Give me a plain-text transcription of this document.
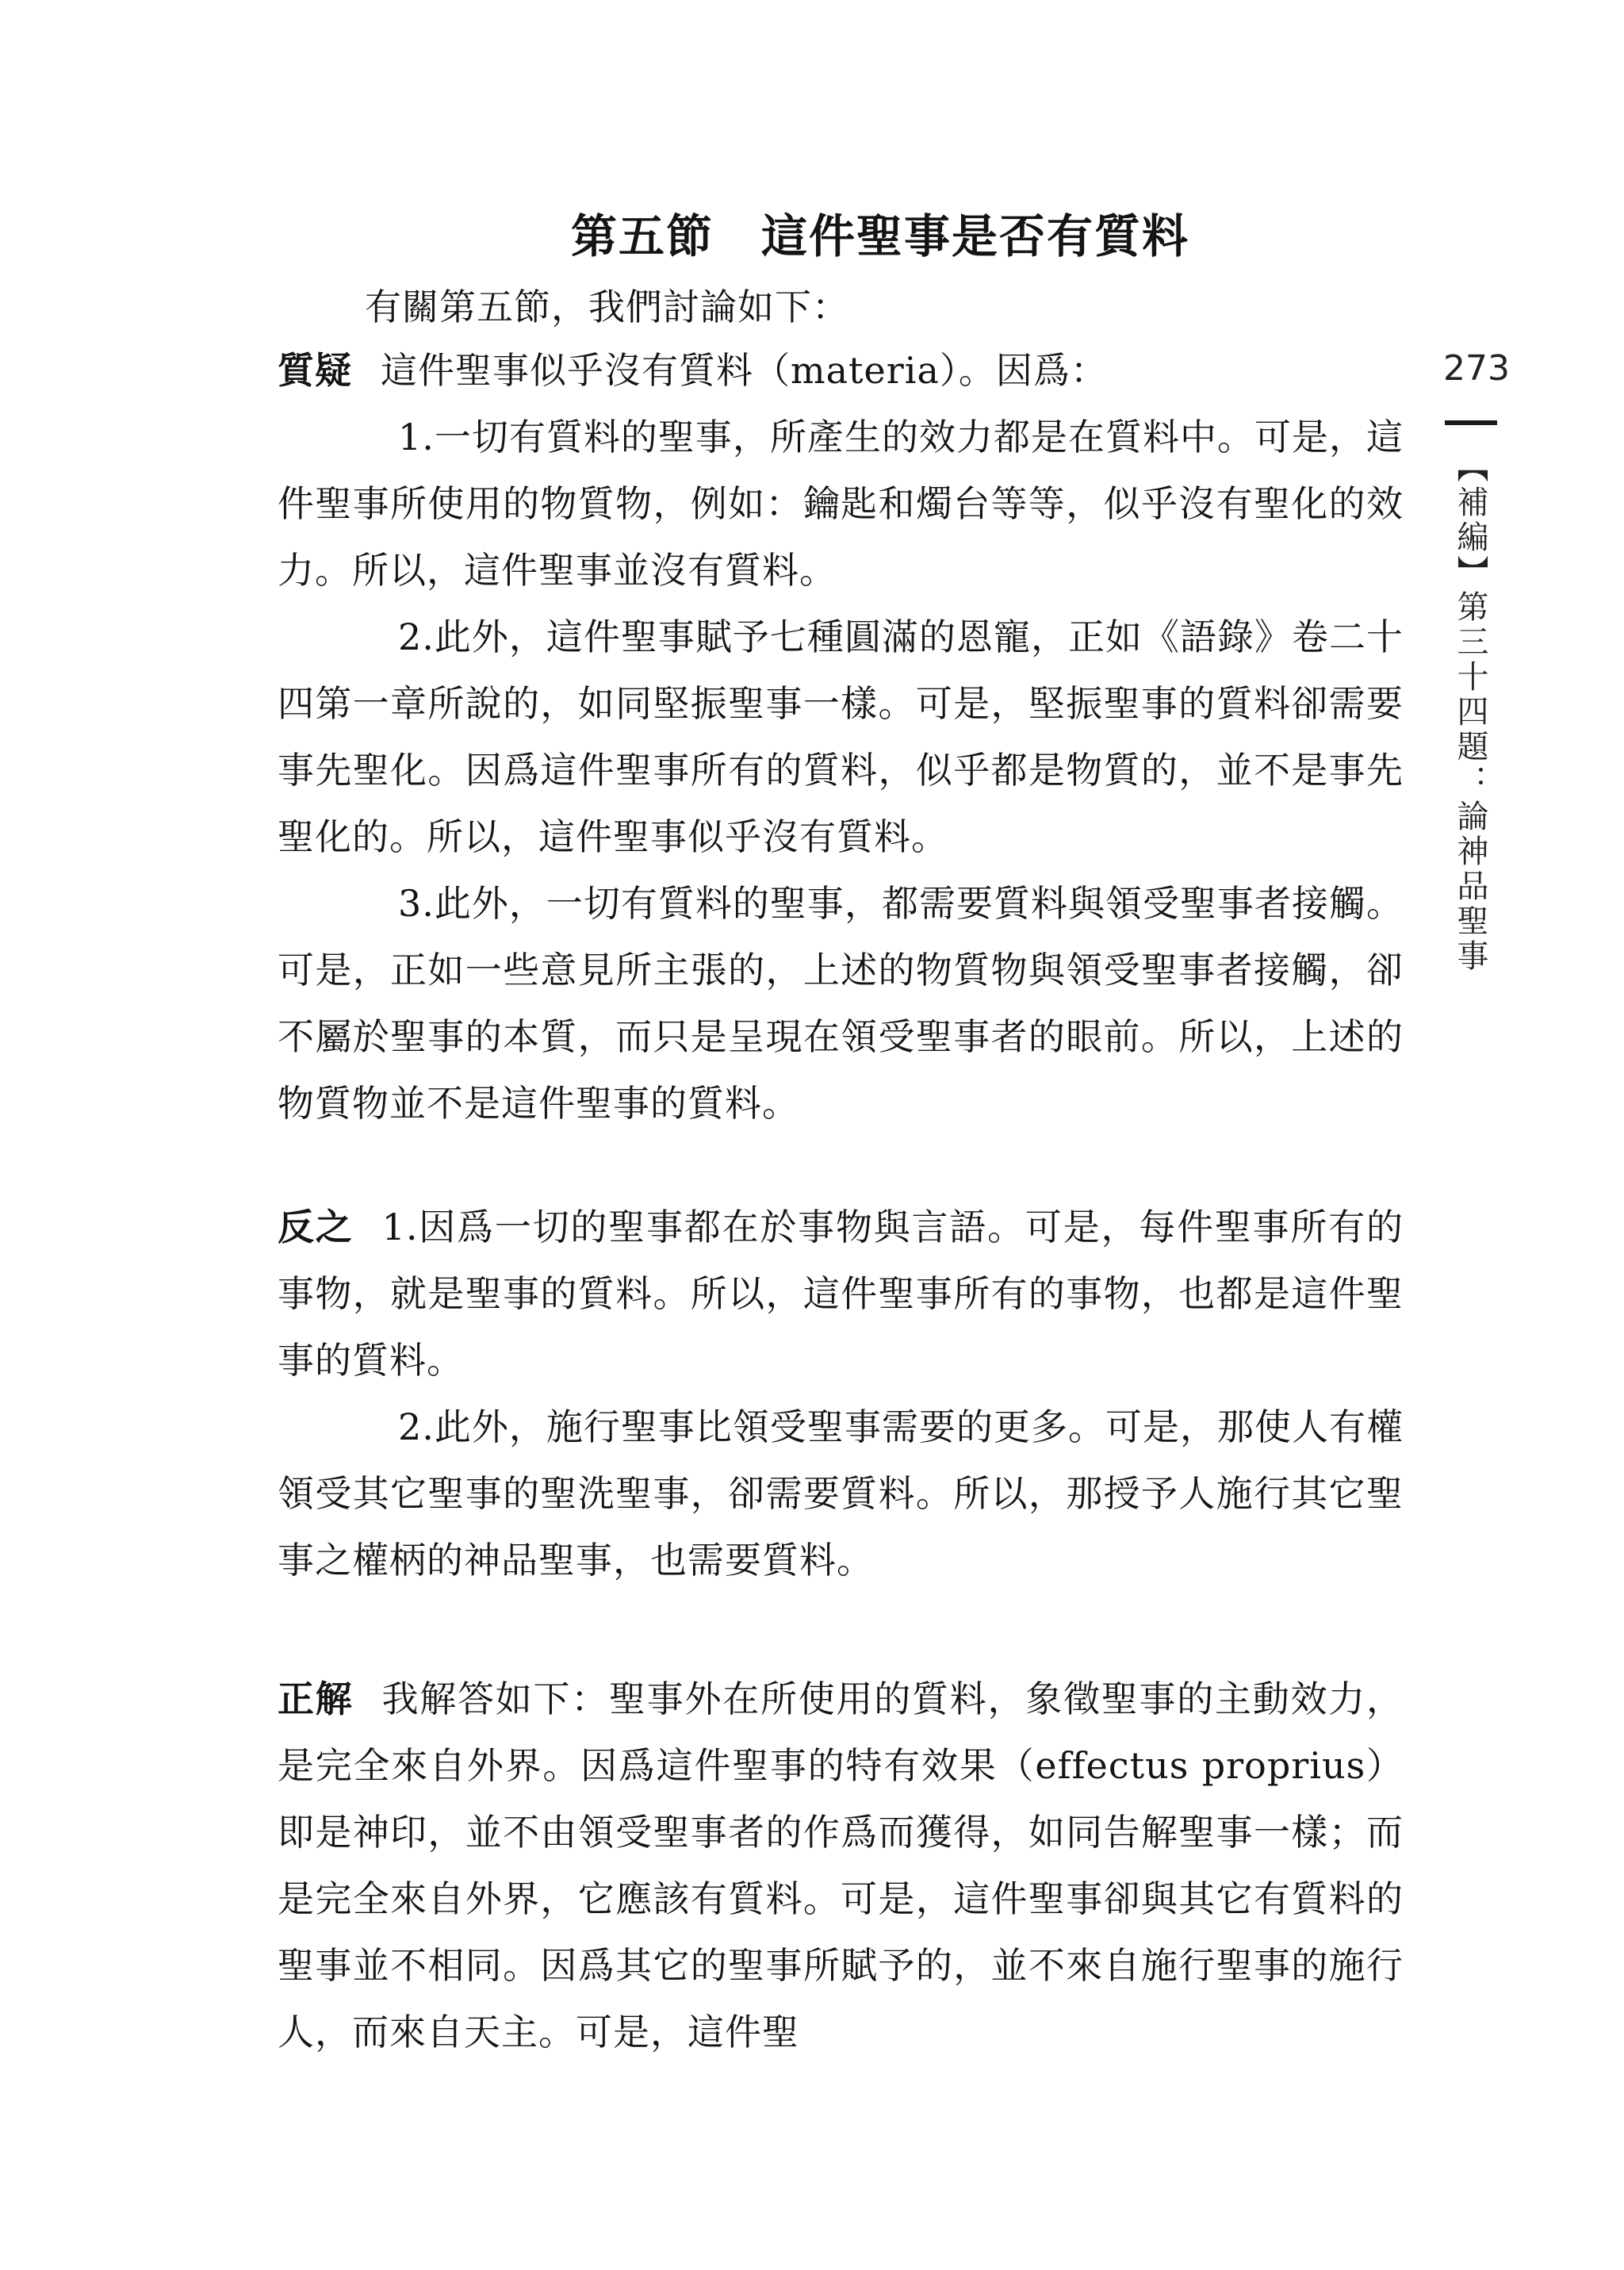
第五節　這件聖事是否有質料

有關第五節，我們討論如下：

質疑 這件聖事似乎沒有質料（materia）。因爲：

1.一切有質料的聖事，所產生的效力都是在質料中。可是，這件聖事所使用的物質物，例如：鑰匙和燭台等等，似乎沒有聖化的效力。所以，這件聖事並沒有質料。

2.此外，這件聖事賦予七種圓滿的恩寵，正如《語錄》卷二十四第一章所說的，如同堅振聖事一樣。可是，堅振聖事的質料卻需要事先聖化。因爲這件聖事所有的質料，似乎都是物質的，並不是事先聖化的。所以，這件聖事似乎沒有質料。

3.此外，一切有質料的聖事，都需要質料與領受聖事者接觸。可是，正如一些意見所主張的，上述的物質物與領受聖事者接觸，卻不屬於聖事的本質，而只是呈現在領受聖事者的眼前。所以，上述的物質物並不是這件聖事的質料。

反之 1.因爲一切的聖事都在於事物與言語。可是，每件聖事所有的事物，就是聖事的質料。所以，這件聖事所有的事物，也都是這件聖事的質料。

2.此外，施行聖事比領受聖事需要的更多。可是，那使人有權領受其它聖事的聖洗聖事，卻需要質料。所以，那授予人施行其它聖事之權柄的神品聖事，也需要質料。

正解 我解答如下：聖事外在所使用的質料，象徵聖事的主動效力，是完全來自外界。因爲這件聖事的特有效果（effectus proprius）即是神印，並不由領受聖事者的作爲而獲得，如同告解聖事一樣；而是完全來自外界，它應該有質料。可是，這件聖事卻與其它有質料的聖事並不相同。因爲其它的聖事所賦予的，並不來自施行聖事的施行人，而來自天主。可是，這件聖

273
【補編】第三十四題：論神品聖事
